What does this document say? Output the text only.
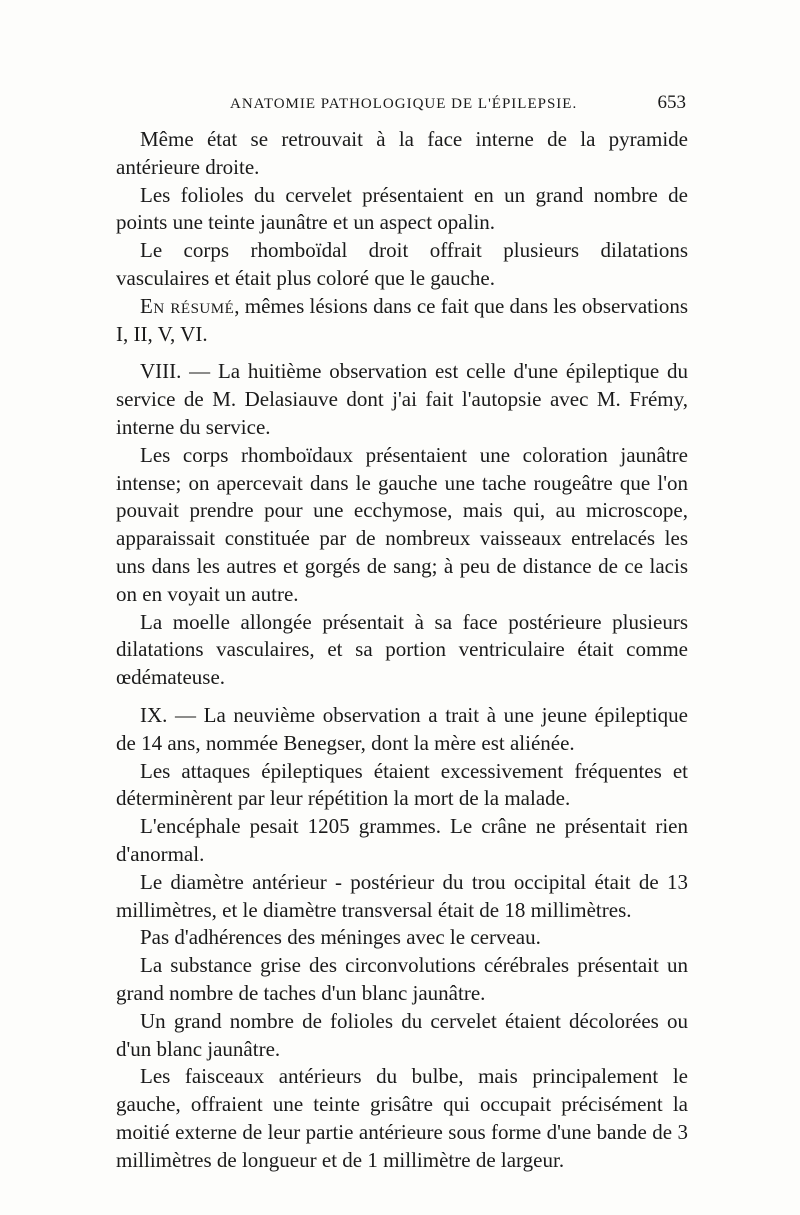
ANATOMIE PATHOLOGIQUE DE L'ÉPILEPSIE.	653

Même état se retrouvait à la face interne de la pyramide antérieure droite.

Les folioles du cervelet présentaient en un grand nombre de points une teinte jaunâtre et un aspect opalin.

Le corps rhomboïdal droit offrait plusieurs dilatations vasculaires et était plus coloré que le gauche.

En résumé, mêmes lésions dans ce fait que dans les observations I, II, V, VI.

VIII. — La huitième observation est celle d'une épileptique du service de M. Delasiauve dont j'ai fait l'autopsie avec M. Frémy, interne du service.

Les corps rhomboïdaux présentaient une coloration jaunâtre intense; on apercevait dans le gauche une tache rougeâtre que l'on pouvait prendre pour une ecchymose, mais qui, au microscope, apparaissait constituée par de nombreux vaisseaux entrelacés les uns dans les autres et gorgés de sang; à peu de distance de ce lacis on en voyait un autre.

La moelle allongée présentait à sa face postérieure plusieurs dilatations vasculaires, et sa portion ventriculaire était comme œdémateuse.

IX. — La neuvième observation a trait à une jeune épileptique de 14 ans, nommée Benegser, dont la mère est aliénée.

Les attaques épileptiques étaient excessivement fréquentes et déterminèrent par leur répétition la mort de la malade.

L'encéphale pesait 1205 grammes. Le crâne ne présentait rien d'anormal.

Le diamètre antérieur - postérieur du trou occipital était de 13 millimètres, et le diamètre transversal était de 18 millimètres.

Pas d'adhérences des méninges avec le cerveau.

La substance grise des circonvolutions cérébrales présentait un grand nombre de taches d'un blanc jaunâtre.

Un grand nombre de folioles du cervelet étaient décolorées ou d'un blanc jaunâtre.

Les faisceaux antérieurs du bulbe, mais principalement le gauche, offraient une teinte grisâtre qui occupait précisément la moitié externe de leur partie antérieure sous forme d'une bande de 3 millimètres de longueur et de 1 millimètre de largeur.
